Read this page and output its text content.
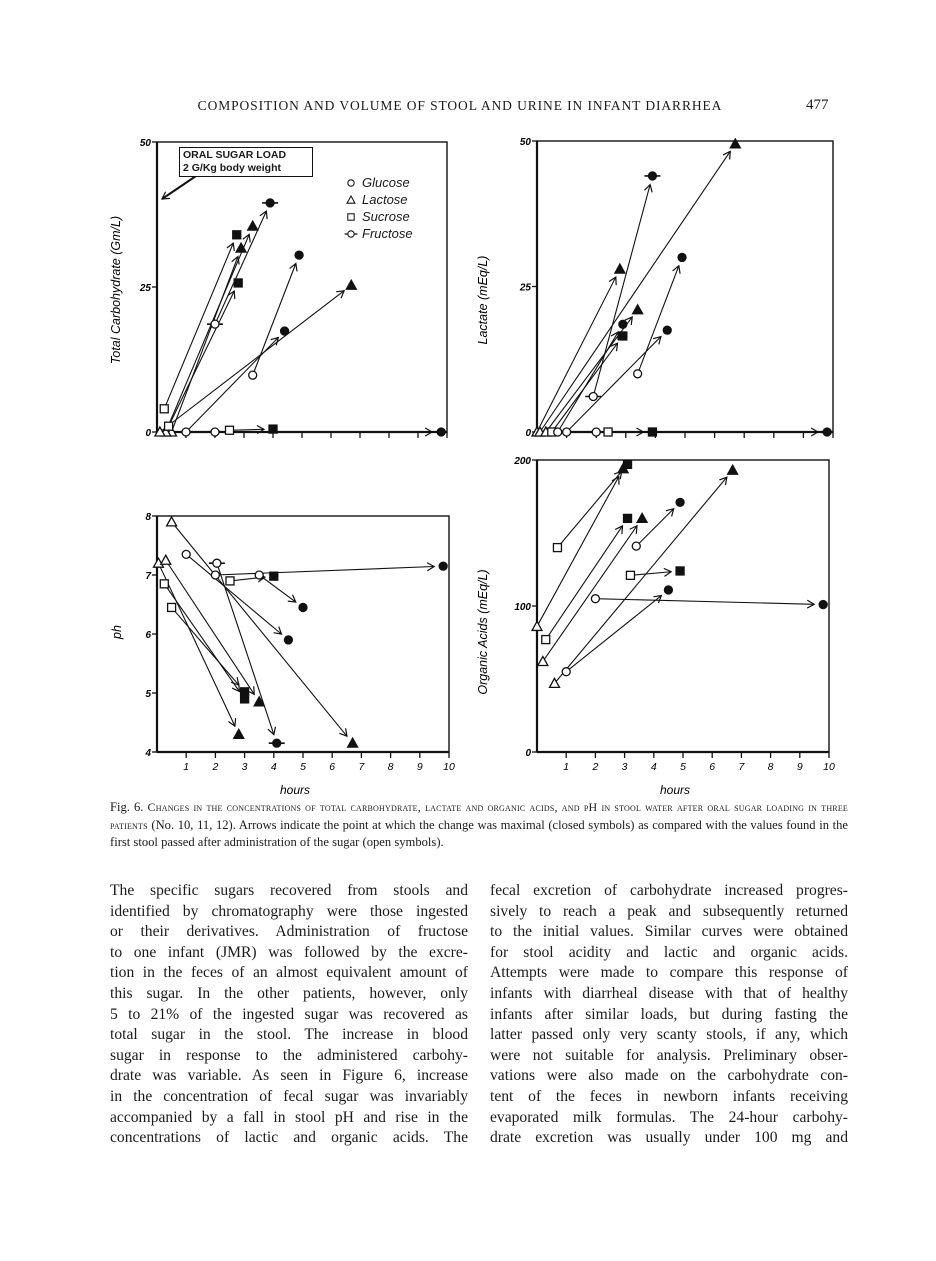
COMPOSITION AND VOLUME OF STOOL AND URINE IN INFANT DIARRHEA	477
0
25
50
Total Carbohydrate (Gm/L)
0
25
50
Lactate (mEq/L)
4
5
6
7
8
1 2 3 4 5 6 7 8 9 10
hours
ph
0
100
200
1 2 3 4 5 6 7 8 9 10
hours
Organic Acids (mEq/L)
ORAL SUGAR LOAD
2 G/Kg body weight
Glucose
Lactose
Sucrose
Fructose
Fig. 6. Changes in the concentrations of total carbohydrate, lactate and organic acids, and pH in stool water after oral sugar loading in three patients (No. 10, 11, 12). Arrows indicate the point at which the change was maximal (closed symbols) as compared with the values found in the first stool passed after administration of the sugar (open symbols).
The specific sugars recovered from stools and
identified by chromatography were those ingested
or their derivatives. Administration of fructose
to one infant (JMR) was followed by the excre-
tion in the feces of an almost equivalent amount of
this sugar. In the other patients, however, only
5 to 21% of the ingested sugar was recovered as
total sugar in the stool. The increase in blood
sugar in response to the administered carbohy-
drate was variable. As seen in Figure 6, increase
in the concentration of fecal sugar was invariably
accompanied by a fall in stool pH and rise in the
concentrations of lactic and organic acids. The
fecal excretion of carbohydrate increased progres-
sively to reach a peak and subsequently returned
to the initial values. Similar curves were obtained
for stool acidity and lactic and organic acids.
Attempts were made to compare this response of
infants with diarrheal disease with that of healthy
infants after similar loads, but during fasting the
latter passed only very scanty stools, if any, which
were not suitable for analysis. Preliminary obser-
vations were also made on the carbohydrate con-
tent of the feces in newborn infants receiving
evaporated milk formulas. The 24-hour carbohy-
drate excretion was usually under 100 mg and
